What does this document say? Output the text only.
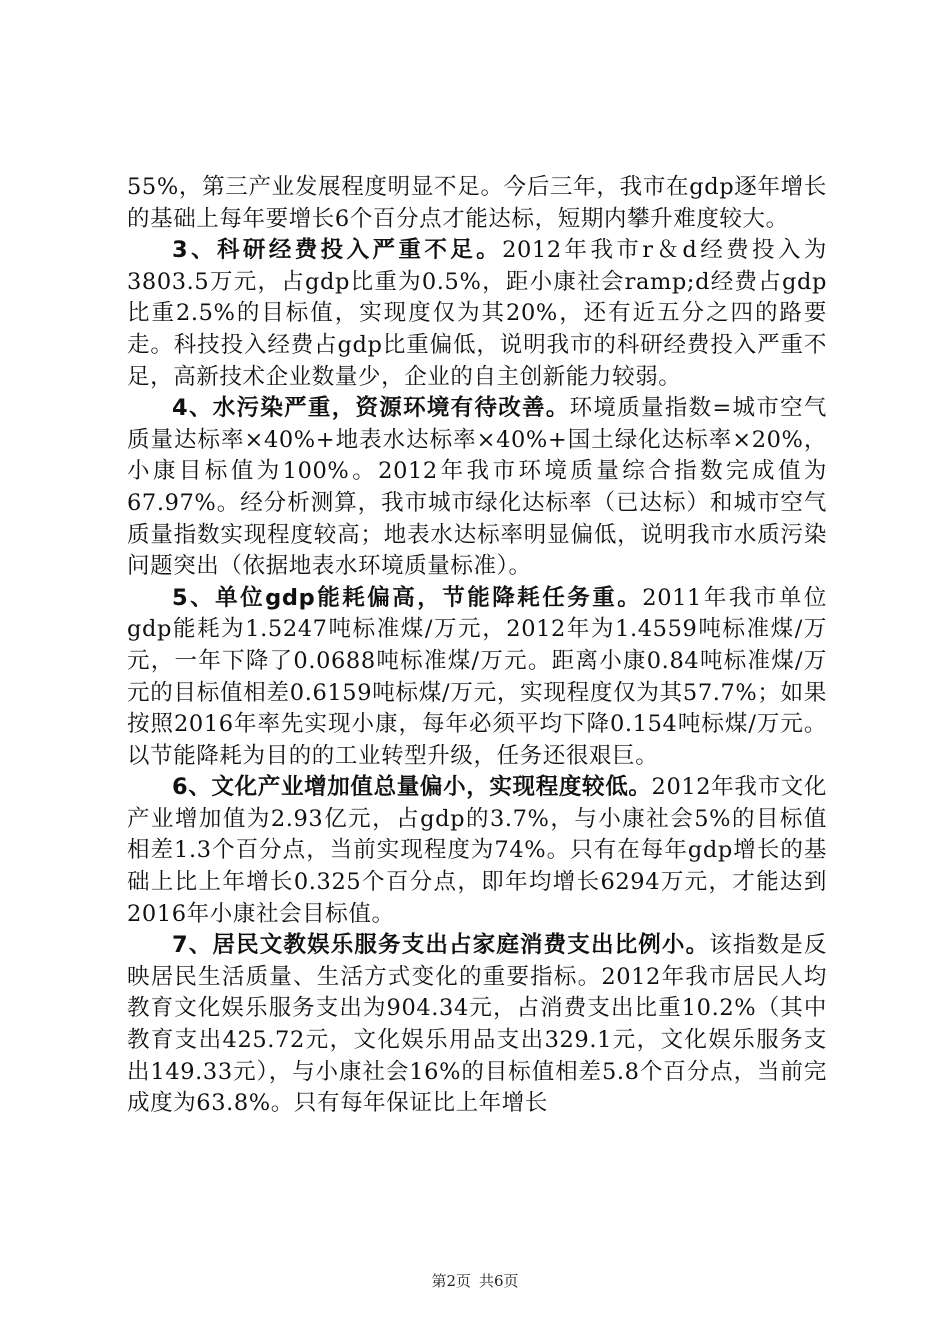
55%，第三产业发展程度明显不足。今后三年，我市在gdp逐年增长的基础上每年要增长6个百分点才能达标，短期内攀升难度较大。

3、科研经费投入严重不足。2012年我市r＆d经费投入为3803.5万元，占gdp比重为0.5%，距小康社会ramp;d经费占gdp比重2.5%的目标值，实现度仅为其20%，还有近五分之四的路要走。科技投入经费占gdp比重偏低，说明我市的科研经费投入严重不足，高新技术企业数量少，企业的自主创新能力较弱。

4、水污染严重，资源环境有待改善。环境质量指数=城市空气质量达标率×40%+地表水达标率×40%+国土绿化达标率×20%，小康目标值为100%。2012年我市环境质量综合指数完成值为67.97%。经分析测算，我市城市绿化达标率（已达标）和城市空气质量指数实现程度较高；地表水达标率明显偏低，说明我市水质污染问题突出（依据地表水环境质量标准）。

5、单位gdp能耗偏高，节能降耗任务重。2011年我市单位gdp能耗为1.5247吨标准煤/万元，2012年为1.4559吨标准煤/万元，一年下降了0.0688吨标准煤/万元。距离小康0.84吨标准煤/万元的目标值相差0.6159吨标煤/万元，实现程度仅为其57.7%；如果按照2016年率先实现小康，每年必须平均下降0.154吨标煤/万元。以节能降耗为目的的工业转型升级，任务还很艰巨。

6、文化产业增加值总量偏小，实现程度较低。2012年我市文化产业增加值为2.93亿元，占gdp的3.7%，与小康社会5%的目标值相差1.3个百分点，当前实现程度为74%。只有在每年gdp增长的基础上比上年增长0.325个百分点，即年均增长6294万元，才能达到2016年小康社会目标值。

7、居民文教娱乐服务支出占家庭消费支出比例小。该指数是反映居民生活质量、生活方式变化的重要指标。2012年我市居民人均教育文化娱乐服务支出为904.34元，占消费支出比重10.2%（其中教育支出425.72元，文化娱乐用品支出329.1元，文化娱乐服务支出149.33元），与小康社会16%的目标值相差5.8个百分点，当前完成度为63.8%。只有每年保证比上年增长

第2页 共6页
